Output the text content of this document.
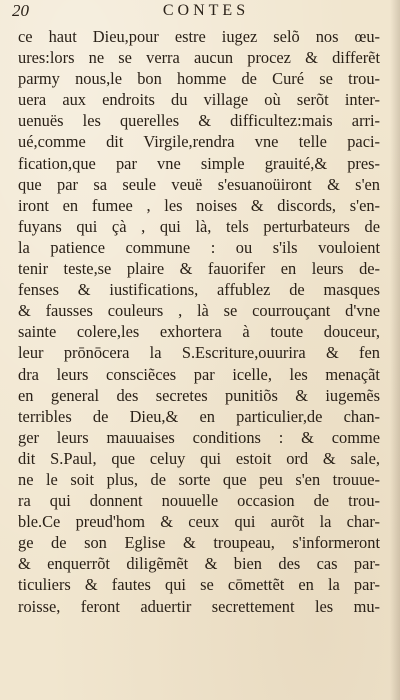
20	CONTES
ce haut Dieu,pour estre iugez selõ nos œu-
ures:lors ne se verra aucun procez & differẽt
parmy nous,le bon homme de Curé se trou-
uera aux endroits du village où serõt inter-
uenuës les querelles & difficultez:mais arri-
ué,comme dit Virgile,rendra vne telle paci-
fication,que par vne simple grauité,& pres-
que par sa seule veuë s'esuanoüiront & s'en
iront en fumee , les noises & discords, s'en-
fuyans qui çà , qui là, tels perturbateurs de
la patience commune : ou s'ils vouloient
tenir teste,se plaire & fauorifer en leurs de-
fenses & iustifications, affublez de masques
& fausses couleurs , là se courrouçant d'vne
sainte colere,les exhortera à toute douceur,
leur prōnōcera la S.Escriture,ouurira & fen
dra leurs consciẽces par icelle, les menaçãt
en general des secretes punitiõs & iugemẽs
terribles de Dieu,& en particulier,de chan-
ger leurs mauuaises conditions : & comme
dit S.Paul, que celuy qui estoit ord & sale,
ne le soit plus, de sorte que peu s'en trouue-
ra qui donnent nouuelle occasion de trou-
ble.Ce preud'hom & ceux qui aurõt la char-
ge de son Eglise & troupeau, s'informeront
& enquerrõt diligẽmẽt & bien des cas par-
ticuliers & fautes qui se cōmettẽt en la par-
roisse, feront aduertir secrettement les mu-
